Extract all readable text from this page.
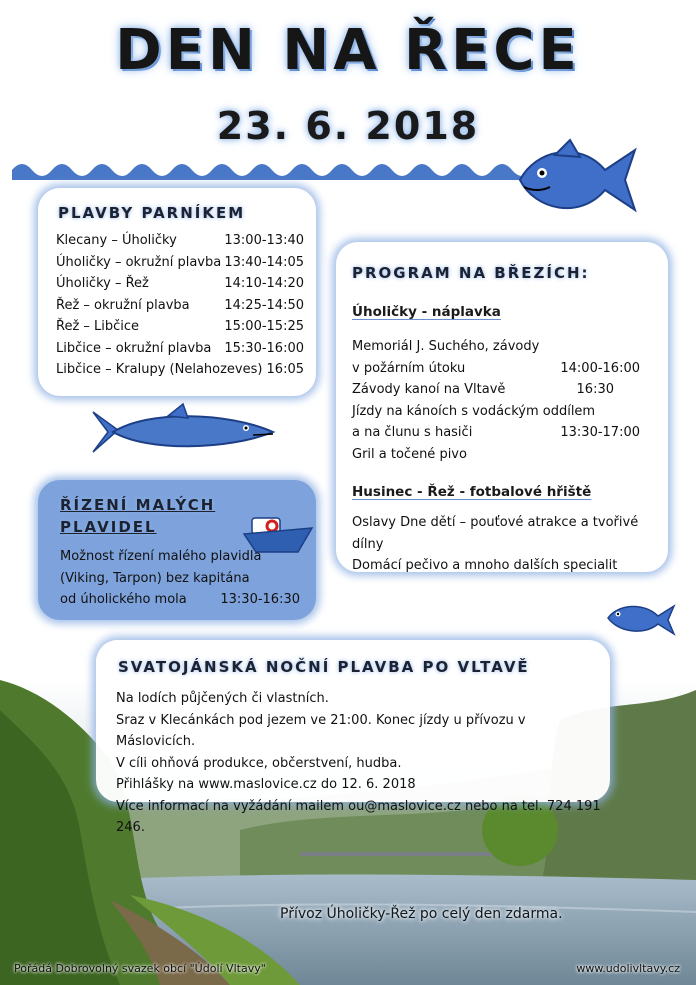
DEN NA ŘECE
23. 6. 2018
PLAVBY PARNÍKEM
Klecany – Úholičky	13:00-13:40
Úholičky – okružní plavba 13:40-14:05
Úholičky – Řež	14:10-14:20
Řež – okružní plavba	14:25-14:50
Řež – Libčice	15:00-15:25
Libčice – okružní plavba 15:30-16:00
Libčice – Kralupy (Nelahozeves) 16:05
PROGRAM NA BŘEZÍCH:
Úholičky - náplavka
Memoriál J. Suchého, závody
v požárním útoku	14:00-16:00
Závody kanoí na Vltavě	16:30
Jízdy na kánoích s vodáckým oddílem
a na člunu s hasiči	13:30-17:00
Gril a točené pivo
Husinec - Řež - fotbalové hřiště
Oslavy Dne dětí – pouťové atrakce a tvořivé dílny
Domácí pečivo a mnoho dalších specialit
ŘÍZENÍ MALÝCH
PLAVIDEL
Možnost řízení malého plavidla
(Viking, Tarpon) bez kapitána
od úholického mola	13:30-16:30
SVATOJÁNSKÁ NOČNÍ PLAVBA PO VLTAVĚ
Na lodích půjčených či vlastních.
Sraz v Klecánkách pod jezem ve 21:00. Konec jízdy u přívozu v Máslovicích.
V cíli ohňová produkce, občerstvení, hudba.
Přihlášky na www.maslovice.cz do 12. 6. 2018
Více informací na vyžádání mailem ou@maslovice.cz nebo na tel. 724 191 246.
Přívoz Úholičky-Řež po celý den zdarma.
Pořádá Dobrovolný svazek obcí "Údolí Vltavy"	www.udolivltavy.cz
